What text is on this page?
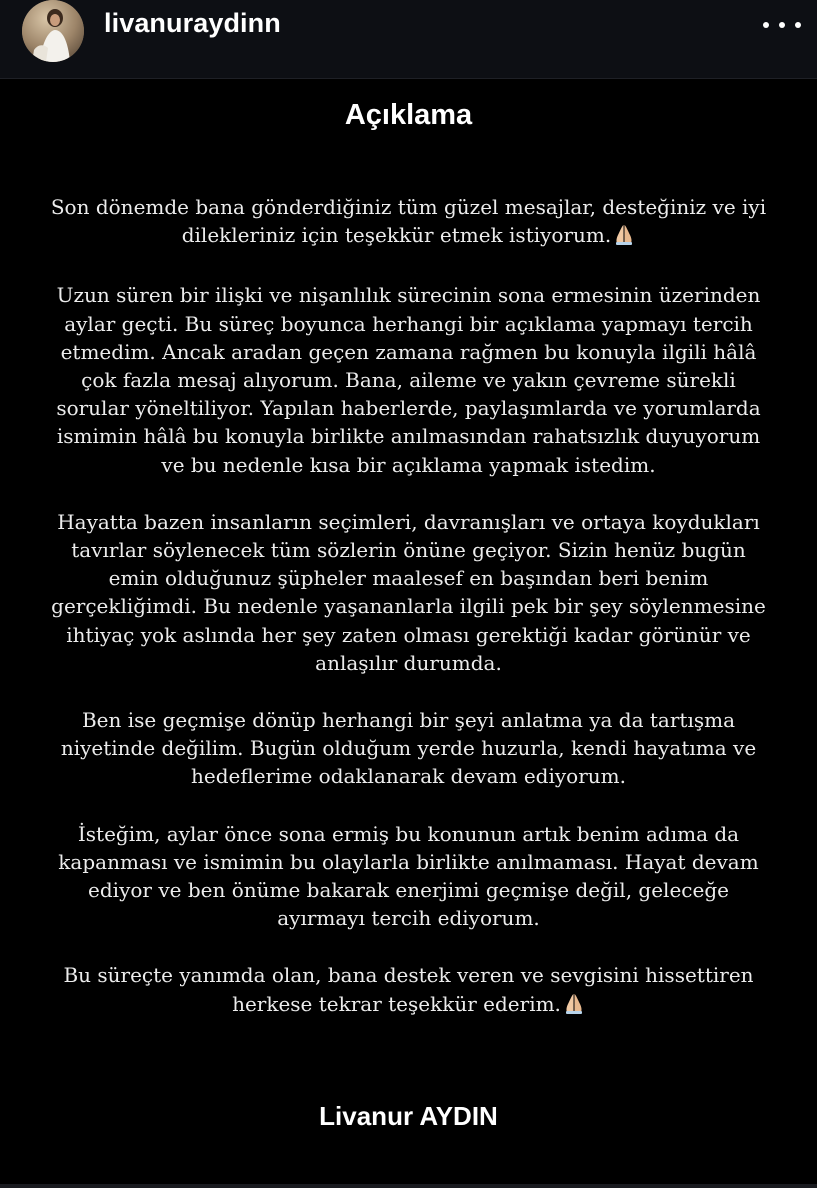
livanuraydinn
Açıklama

Son dönemde bana gönderdiğiniz tüm güzel mesajlar, desteğiniz ve iyi dilekleriniz için teşekkür etmek istiyorum.

Uzun süren bir ilişki ve nişanlılık sürecinin sona ermesinin üzerinden aylar geçti. Bu süreç boyunca herhangi bir açıklama yapmayı tercih etmedim. Ancak aradan geçen zamana rağmen bu konuyla ilgili hâlâ çok fazla mesaj alıyorum. Bana, aileme ve yakın çevreme sürekli sorular yöneltiliyor. Yapılan haberlerde, paylaşımlarda ve yorumlarda ismimin hâlâ bu konuyla birlikte anılmasından rahatsızlık duyuyorum ve bu nedenle kısa bir açıklama yapmak istedim.

Hayatta bazen insanların seçimleri, davranışları ve ortaya koydukları tavırlar söylenecek tüm sözlerin önüne geçiyor. Sizin henüz bugün emin olduğunuz şüpheler maalesef en başından beri benim gerçekliğimdi. Bu nedenle yaşananlarla ilgili pek bir şey söylenmesine ihtiyaç yok aslında her şey zaten olması gerektiği kadar görünür ve anlaşılır durumda.

Ben ise geçmişe dönüp herhangi bir şeyi anlatma ya da tartışma niyetinde değilim. Bugün olduğum yerde huzurla, kendi hayatıma ve hedeflerime odaklanarak devam ediyorum.

İsteğim, aylar önce sona ermiş bu konunun artık benim adıma da kapanması ve ismimin bu olaylarla birlikte anılmaması. Hayat devam ediyor ve ben önüme bakarak enerjimi geçmişe değil, geleceğe ayırmayı tercih ediyorum.

Bu süreçte yanımda olan, bana destek veren ve sevgisini hissettiren herkese tekrar teşekkür ederim.

Livanur AYDIN
